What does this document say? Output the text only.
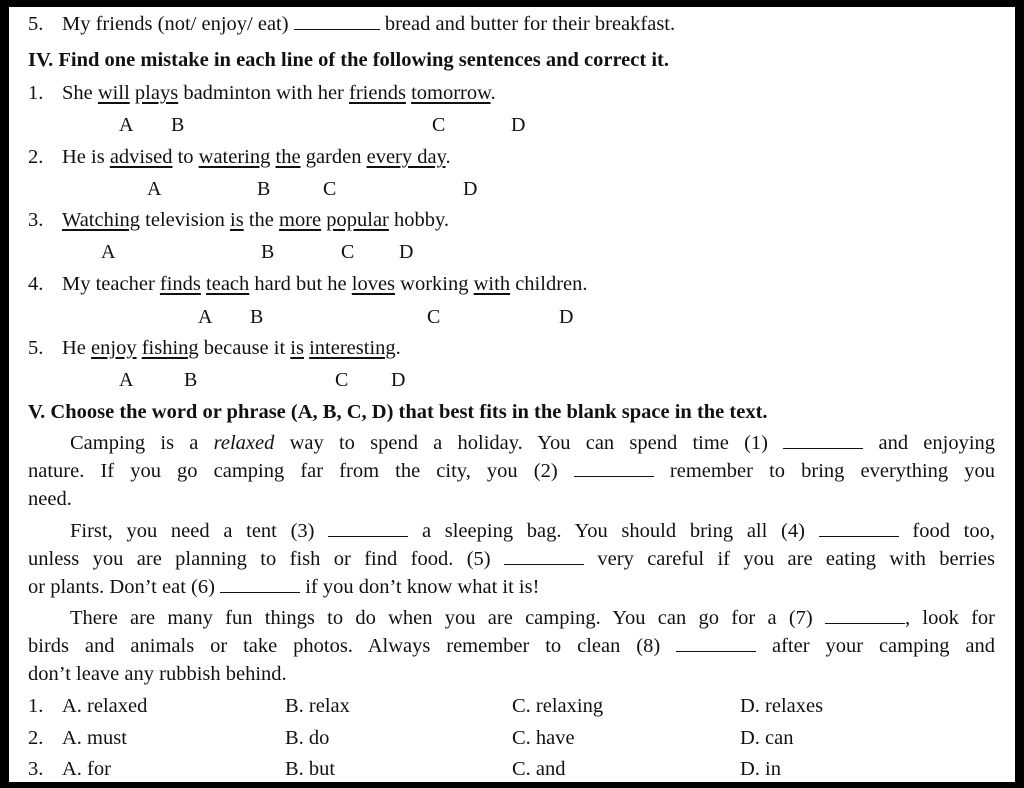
5. My friends (not/ enjoy/ eat)	bread and butter for their breakfast.
IV. Find one mistake in each line of the following sentences and correct it.
1. She will plays badminton with her friends tomorrow.
A B	C	D
2. He is advised to watering the garden every day.
A	B	C	D
3. Watching television is the more popular hobby.
A	B	C D
4. My teacher finds teach hard but he loves working with children.
A B	C	D
5. He enjoy fishing because it is interesting.
A	B	C D
V. Choose the word or phrase (A, B, C, D) that best fits in the blank space in the text.
Camping is a relaxed way to spend a holiday. You can spend time (1)	and enjoying
nature. If you go camping far from the city, you (2)	remember to bring everything you
need.
First, you need a tent (3)	a sleeping bag. You should bring all (4)	food too,
unless you are planning to fish or find food. (5)	very careful if you are eating with berries
or plants. Don’t eat (6)	if you don’t know what it is!
There are many fun things to do when you are camping. You can go for a (7)	, look for
birds and animals or take photos. Always remember to clean (8)	after your camping and
don’t leave any rubbish behind.
1. A. relaxed	B. relax	C. relaxing	D. relaxes
2. A. must	B. do	C. have	D. can
3. A. for	B. but	C. and	D. in
